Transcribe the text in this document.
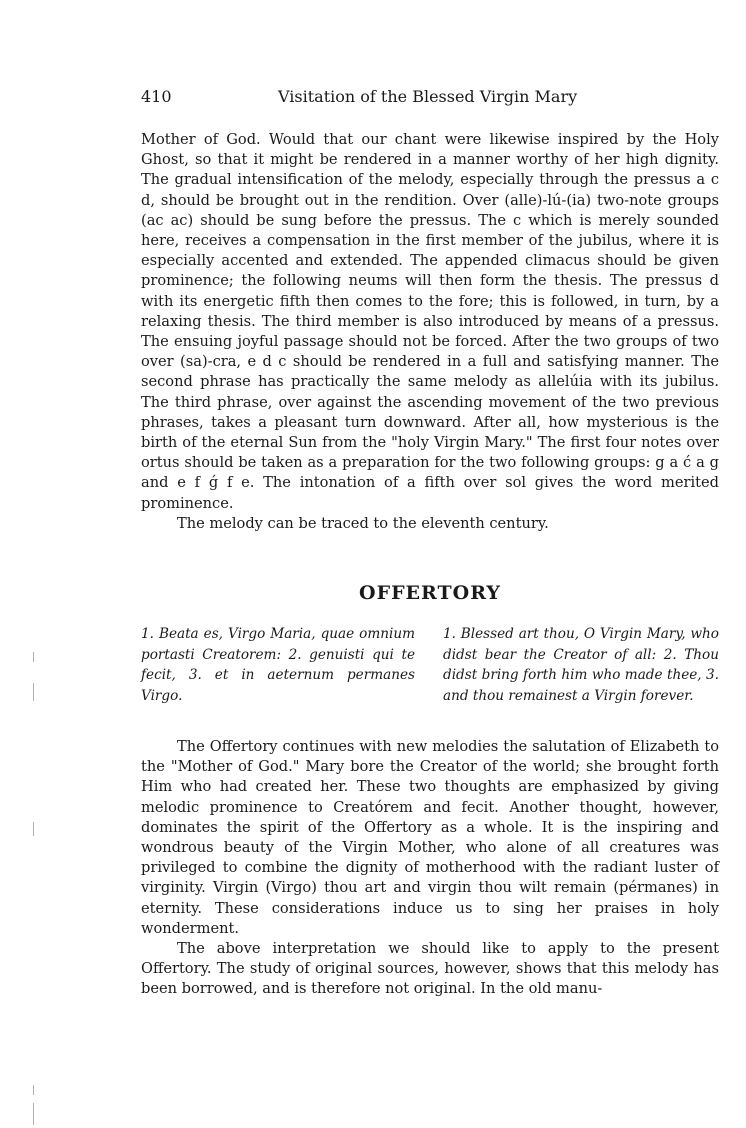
410	Visitation of the Blessed Virgin Mary

Mother of God. Would that our chant were likewise inspired by the Holy Ghost, so that it might be rendered in a manner worthy of her high dignity. The gradual intensification of the melody, especially through the pressus a c d, should be brought out in the rendition. Over (alle)-lú-(ia) two-note groups (ac ac) should be sung before the pressus. The c which is merely sounded here, receives a compensation in the first member of the jubilus, where it is especially accented and extended. The appended climacus should be given prominence; the following neums will then form the thesis. The pressus d with its energetic fifth then comes to the fore; this is followed, in turn, by a relaxing thesis. The third member is also introduced by means of a pressus. The ensuing joyful passage should not be forced. After the two groups of two over (sa)-cra, e d c should be rendered in a full and satisfying manner. The second phrase has practically the same melody as allelúia with its jubilus. The third phrase, over against the ascending movement of the two previous phrases, takes a pleasant turn downward. After all, how mysterious is the birth of the eternal Sun from the "holy Virgin Mary." The first four notes over ortus should be taken as a preparation for the two following groups: g a ć a g and e f ǵ f e. The intonation of a fifth over sol gives the word merited prominence.

The melody can be traced to the eleventh century.

OFFERTORY
1. Beata es, Virgo Maria, quae omnium portasti Creatorem: 2. genuisti qui te fecit, 3. et in aeternum permanes Virgo.
1. Blessed art thou, O Virgin Mary, who didst bear the Creator of all: 2. Thou didst bring forth him who made thee, 3. and thou remainest a Virgin forever.

The Offertory continues with new melodies the salutation of Elizabeth to the "Mother of God." Mary bore the Creator of the world; she brought forth Him who had created her. These two thoughts are emphasized by giving melodic prominence to Creatórem and fecit. Another thought, however, dominates the spirit of the Offertory as a whole. It is the inspiring and wondrous beauty of the Virgin Mother, who alone of all creatures was privileged to combine the dignity of motherhood with the radiant luster of virginity. Virgin (Virgo) thou art and virgin thou wilt remain (pérmanes) in eternity. These considerations induce us to sing her praises in holy wonderment.

The above interpretation we should like to apply to the present Offertory. The study of original sources, however, shows that this melody has been borrowed, and is therefore not original. In the old manu-
